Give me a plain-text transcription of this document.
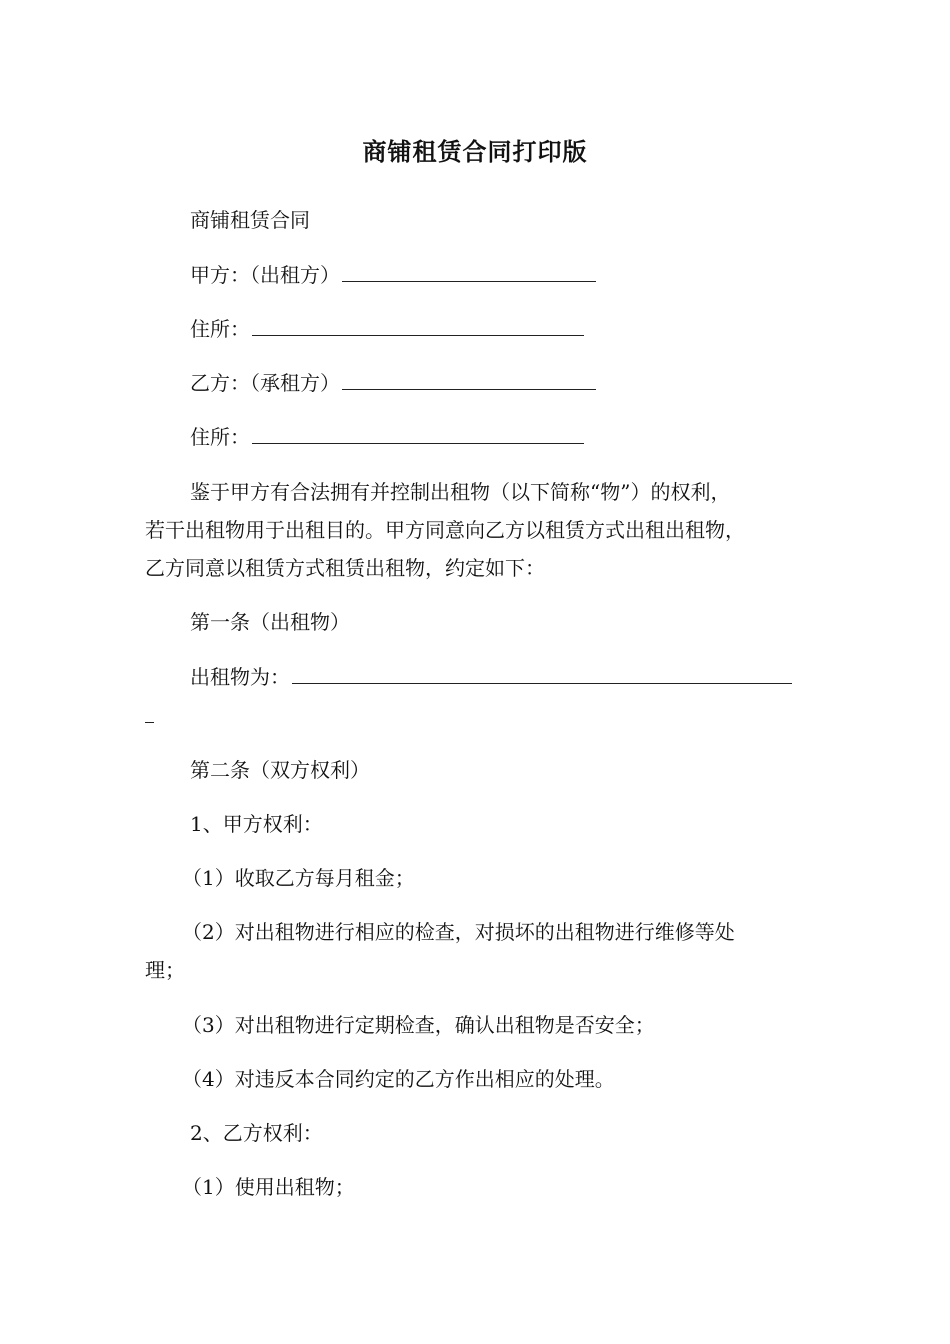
商铺租赁合同打印版

商铺租赁合同

甲方：（出租方）

住所：

乙方：（承租方）

住所：

鉴于甲方有合法拥有并控制出租物（以下简称“物”）的权利，

若干出租物用于出租目的。甲方同意向乙方以租赁方式出租出租物，

乙方同意以租赁方式租赁出租物，约定如下：

第一条（出租物）

出租物为：

第二条（双方权利）

1、甲方权利：

（1）收取乙方每月租金；

（2）对出租物进行相应的检查，对损坏的出租物进行维修等处

理；

（3）对出租物进行定期检查，确认出租物是否安全；

（4）对违反本合同约定的乙方作出相应的处理。

2、乙方权利：

（1）使用出租物；
